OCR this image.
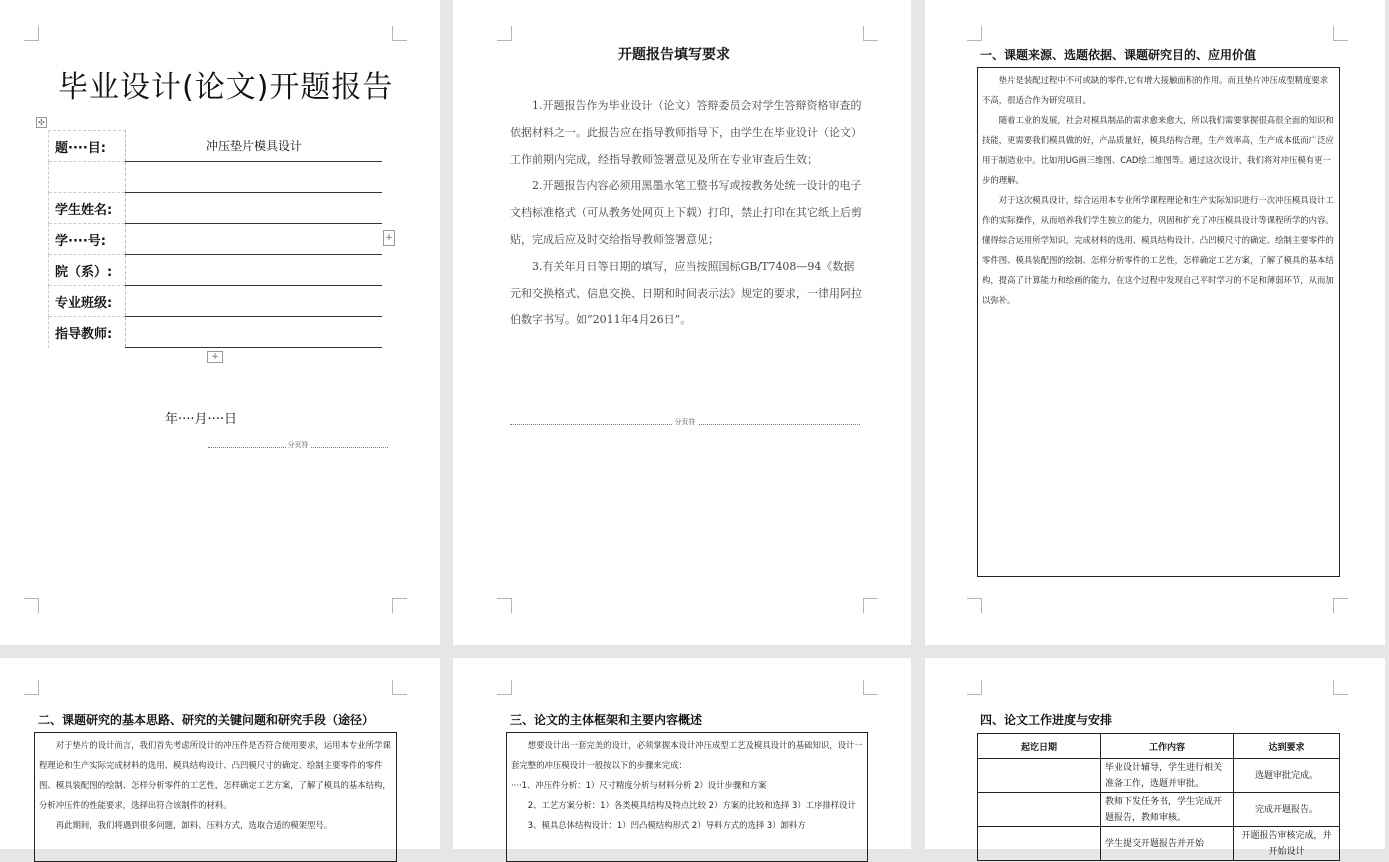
毕业设计(论文)开题报告
✣
题····目:	冲压垫片模具设计

学生姓名:	
学····号:	
院（系）:	
专业班级:	
指导教师:	
+
+
年····月····日
分页符
开题报告填写要求

1.开题报告作为毕业设计（论文）答辩委员会对学生答辩资格审查的依据材料之一。此报告应在指导教师指导下，由学生在毕业设计（论文）工作前期内完成，经指导教师签署意见及所在专业审查后生效；

2.开题报告内容必须用黑墨水笔工整书写或按教务处统一设计的电子文档标准格式（可从教务处网页上下载）打印，禁止打印在其它纸上后剪贴，完成后应及时交给指导教师签署意见；

3.有关年月日等日期的填写，应当按照国标GB/T7408—94《数据元和交换格式、信息交换、日期和时间表示法》规定的要求，一律用阿拉伯数字书写。如“2011年4月26日”。

分页符
一、课题来源、选题依据、课题研究目的、应用价值

垫片是装配过程中不可或缺的零件,它有增大接触面积的作用。而且垫片冲压成型精度要求不高，很适合作为研究项目。

随着工业的发展，社会对模具制品的需求愈来愈大，所以我们需要掌握很高很全面的知识和技能，更需要我们模具做的好，产品质量好，模具结构合理，生产效率高，生产成本低而广泛应用于制造业中。比如用UG画三维图、CAD绘二维图等。通过这次设计，我们将对冲压模有更一步的理解。

对于这次模具设计，综合运用本专业所学课程理论和生产实际知识进行一次冲压模具设计工作的实际操作，从而培养我们学生独立的能力，巩固和扩充了冲压模具设计等课程所学的内容。懂得综合运用所学知识，完成材料的选用、模具结构设计、凸凹模尺寸的确定、绘制主要零件的零件图、模具装配图的绘制、怎样分析零件的工艺性，怎样确定工艺方案，了解了模具的基本结构，提高了计算能力和绘画的能力，在这个过程中发现自己平时学习的不足和薄弱环节，从而加以弥补。

二、课题研究的基本思路、研究的关键问题和研究手段（途径）

对于垫片的设计而言，我们首先考虑所设计的冲压件是否符合使用要求，运用本专业所学课程理论和生产实际完成材料的选用、模具结构设计、凸凹模尺寸的确定、绘制主要零件的零件图、模具装配图的绘制、怎样分析零件的工艺性，怎样确定工艺方案，了解了模具的基本结构，分析冲压件的性能要求，选择出符合该制件的材料。

再此期间，我们将遇到很多问题，卸料、压料方式，选取合适的模架型号。

三、论文的主体框架和主要内容概述

想要设计出一套完美的设计，必须掌握本设计冲压成型工艺及模具设计的基础知识，设计一套完整的冲压模设计一般按以下的步骤来完成：

····1、冲压件分析：1）尺寸精度分析与材料分析 2）设计步骤和方案

2、工艺方案分析：1）各类模具结构及特点比较 2）方案的比较和选择 3）工序排样设计

3、模具总体结构设计：1）凹凸模结构形式 2）导料方式的选择 3）卸料方

四、论文工作进度与安排
起讫日期	工作内容	达到要求
	毕业设计辅导，学生进行相关准备工作，选题并审批。	选题审批完成。
	教师下发任务书，学生完成开题报告，教师审核。	完成开题报告。
	学生提交开题报告并开始	开题报告审核完成，并开始设计
